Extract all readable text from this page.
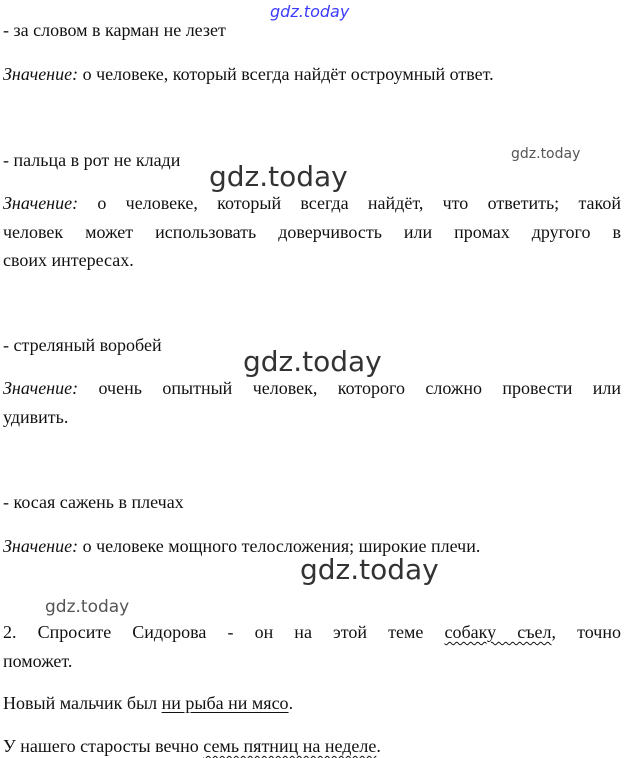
gdz.today
gdz.today
gdz.today
gdz.today
gdz.today
gdz.today
- за словом в карман не лезет
Значение: о человеке, который всегда найдёт остроумный ответ.
- пальца в рот не клади
Значение: о человеке, который всегда найдёт, что ответить; такой
человек может использовать доверчивость или промах другого в
своих интересах.
- стреляный воробей
Значение: очень опытный человек, которого сложно провести или
удивить.
- косая сажень в плечах
Значение: о человеке мощного телосложения; широкие плечи.
2. Спросите Сидорова - он на этой теме собаку съел, точно
поможет.
Новый мальчик был ни рыба ни мясо.
У нашего старосты вечно семь пятниц на неделе.
